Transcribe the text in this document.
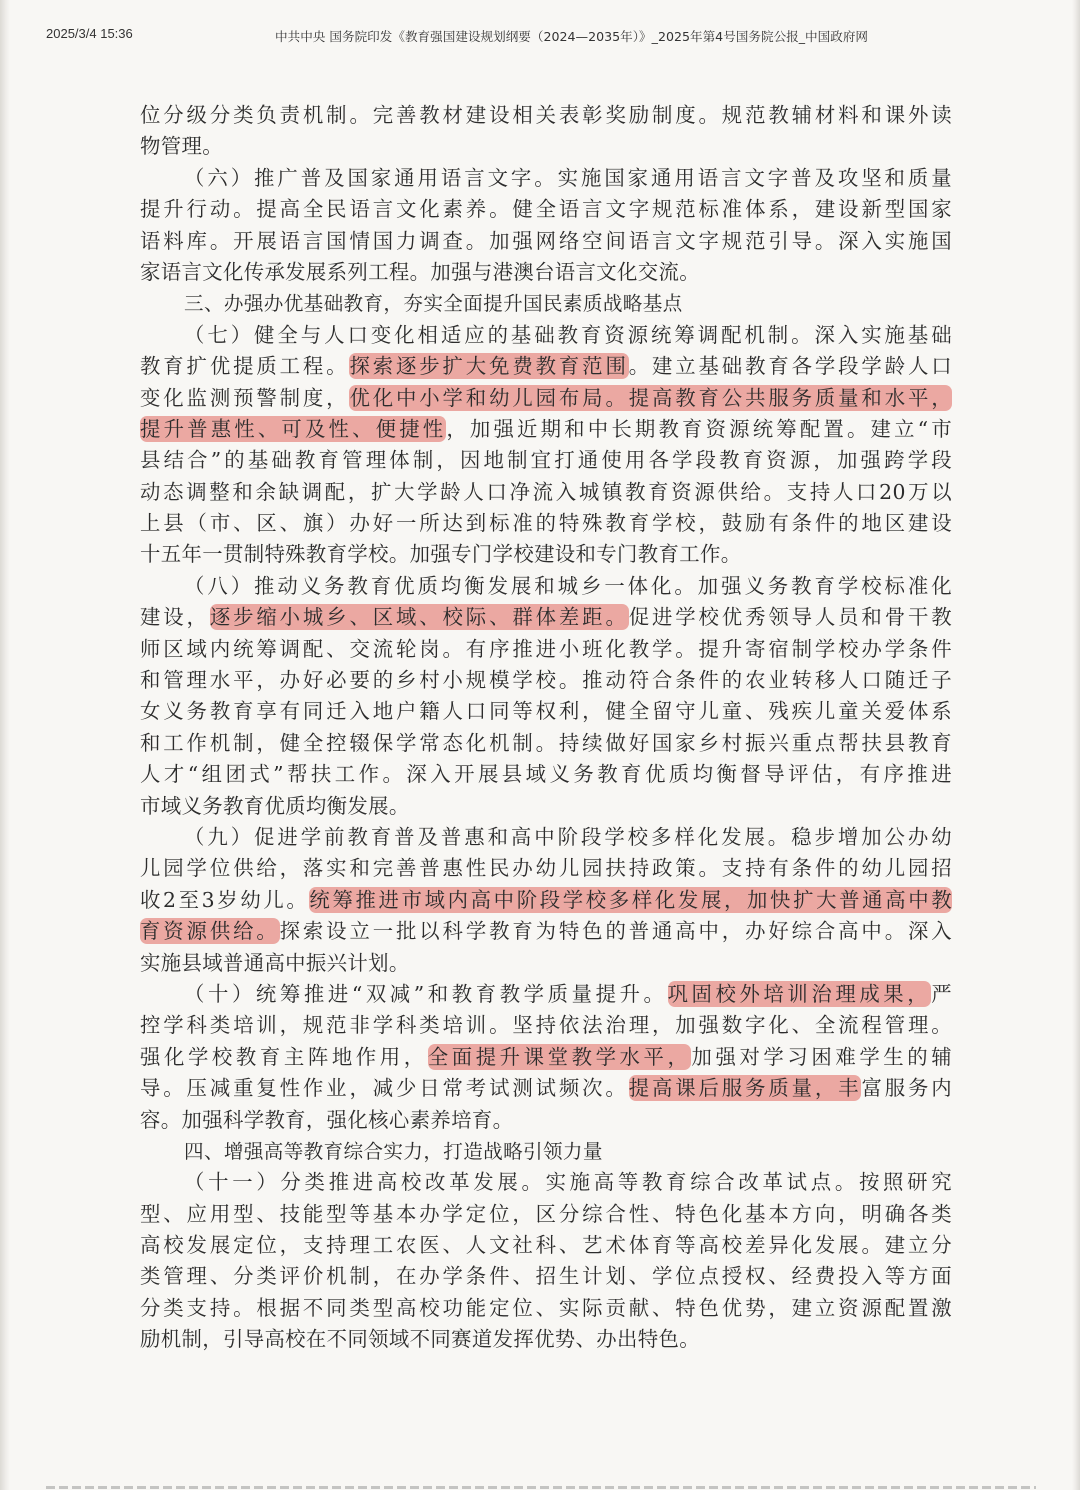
2025/3/4 15:36	中共中央 国务院印发《教育强国建设规划纲要（2024—2035年）》_2025年第4号国务院公报_中国政府网
位分级分类负责机制。完善教材建设相关表彰奖励制度。规范教辅材料和课外读
物管理。
（六）推广普及国家通用语言文字。实施国家通用语言文字普及攻坚和质量
提升行动。提高全民语言文化素养。健全语言文字规范标准体系，建设新型国家
语料库。开展语言国情国力调查。加强网络空间语言文字规范引导。深入实施国
家语言文化传承发展系列工程。加强与港澳台语言文化交流。
三、办强办优基础教育，夯实全面提升国民素质战略基点
（七）健全与人口变化相适应的基础教育资源统筹调配机制。深入实施基础
教育扩优提质工程。探索逐步扩大免费教育范围。建立基础教育各学段学龄人口
变化监测预警制度，优化中小学和幼儿园布局。提高教育公共服务质量和水平，
提升普惠性、可及性、便捷性，加强近期和中长期教育资源统筹配置。建立“市
县结合”的基础教育管理体制，因地制宜打通使用各学段教育资源，加强跨学段
动态调整和余缺调配，扩大学龄人口净流入城镇教育资源供给。支持人口20万以
上县（市、区、旗）办好一所达到标准的特殊教育学校，鼓励有条件的地区建设
十五年一贯制特殊教育学校。加强专门学校建设和专门教育工作。
（八）推动义务教育优质均衡发展和城乡一体化。加强义务教育学校标准化
建设，逐步缩小城乡、区域、校际、群体差距。促进学校优秀领导人员和骨干教
师区域内统筹调配、交流轮岗。有序推进小班化教学。提升寄宿制学校办学条件
和管理水平，办好必要的乡村小规模学校。推动符合条件的农业转移人口随迁子
女义务教育享有同迁入地户籍人口同等权利，健全留守儿童、残疾儿童关爱体系
和工作机制，健全控辍保学常态化机制。持续做好国家乡村振兴重点帮扶县教育
人才“组团式”帮扶工作。深入开展县域义务教育优质均衡督导评估，有序推进
市域义务教育优质均衡发展。
（九）促进学前教育普及普惠和高中阶段学校多样化发展。稳步增加公办幼
儿园学位供给，落实和完善普惠性民办幼儿园扶持政策。支持有条件的幼儿园招
收2至3岁幼儿。统筹推进市域内高中阶段学校多样化发展，加快扩大普通高中教
育资源供给。探索设立一批以科学教育为特色的普通高中，办好综合高中。深入
实施县域普通高中振兴计划。
（十）统筹推进“双减”和教育教学质量提升。巩固校外培训治理成果，严
控学科类培训，规范非学科类培训。坚持依法治理，加强数字化、全流程管理。
强化学校教育主阵地作用，全面提升课堂教学水平，加强对学习困难学生的辅
导。压减重复性作业，减少日常考试测试频次。提高课后服务质量，丰富服务内
容。加强科学教育，强化核心素养培育。
四、增强高等教育综合实力，打造战略引领力量
（十一）分类推进高校改革发展。实施高等教育综合改革试点。按照研究
型、应用型、技能型等基本办学定位，区分综合性、特色化基本方向，明确各类
高校发展定位，支持理工农医、人文社科、艺术体育等高校差异化发展。建立分
类管理、分类评价机制，在办学条件、招生计划、学位点授权、经费投入等方面
分类支持。根据不同类型高校功能定位、实际贡献、特色优势，建立资源配置激
励机制，引导高校在不同领域不同赛道发挥优势、办出特色。
